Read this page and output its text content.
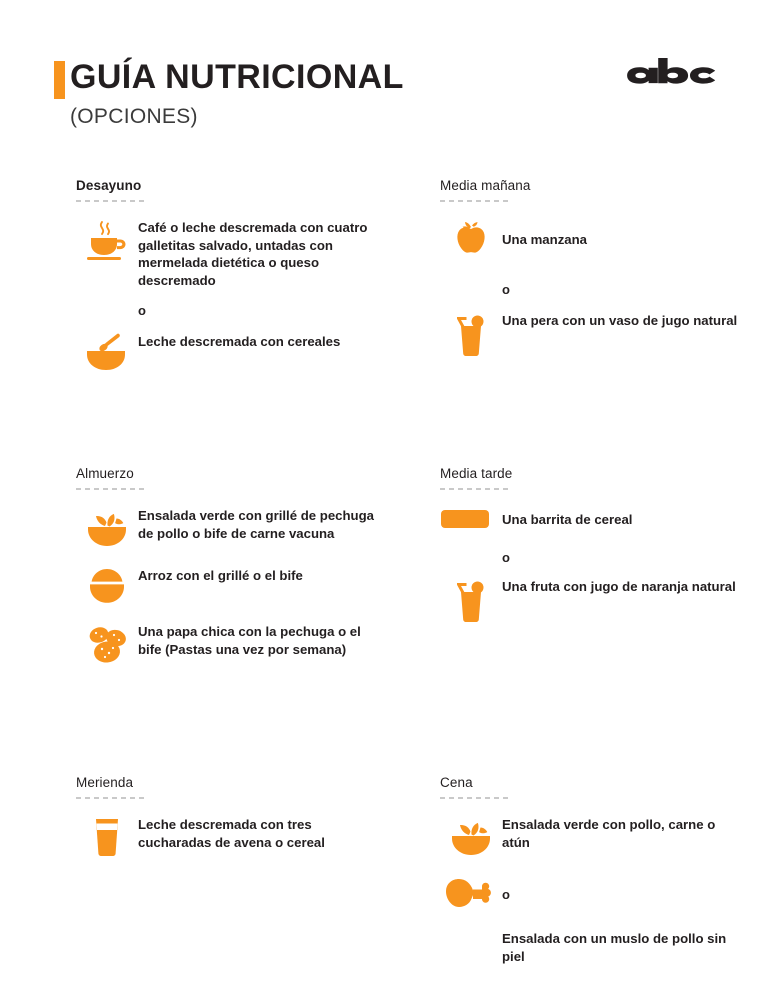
GUÍA NUTRICIONAL
(OPCIONES)
Desayuno
Café o leche descremada con cuatro galletitas salvado, untadas con mermelada dietética o queso descremado
o
Leche descremada con cereales
Media mañana
Una manzana
o
Una pera con un vaso de jugo natural
Almuerzo
Ensalada verde con grillé de pechuga de pollo o bife de carne vacuna
Arroz con el grillé o el bife
Una papa chica con la pechuga o el bife (Pastas una vez por semana)
Media tarde
Una barrita de cereal
o
Una fruta con jugo de naranja natural
Merienda
Leche descremada con tres cucharadas de avena o cereal
Cena
Ensalada verde con pollo, carne o atún
o
Ensalada con un muslo de pollo sin piel
